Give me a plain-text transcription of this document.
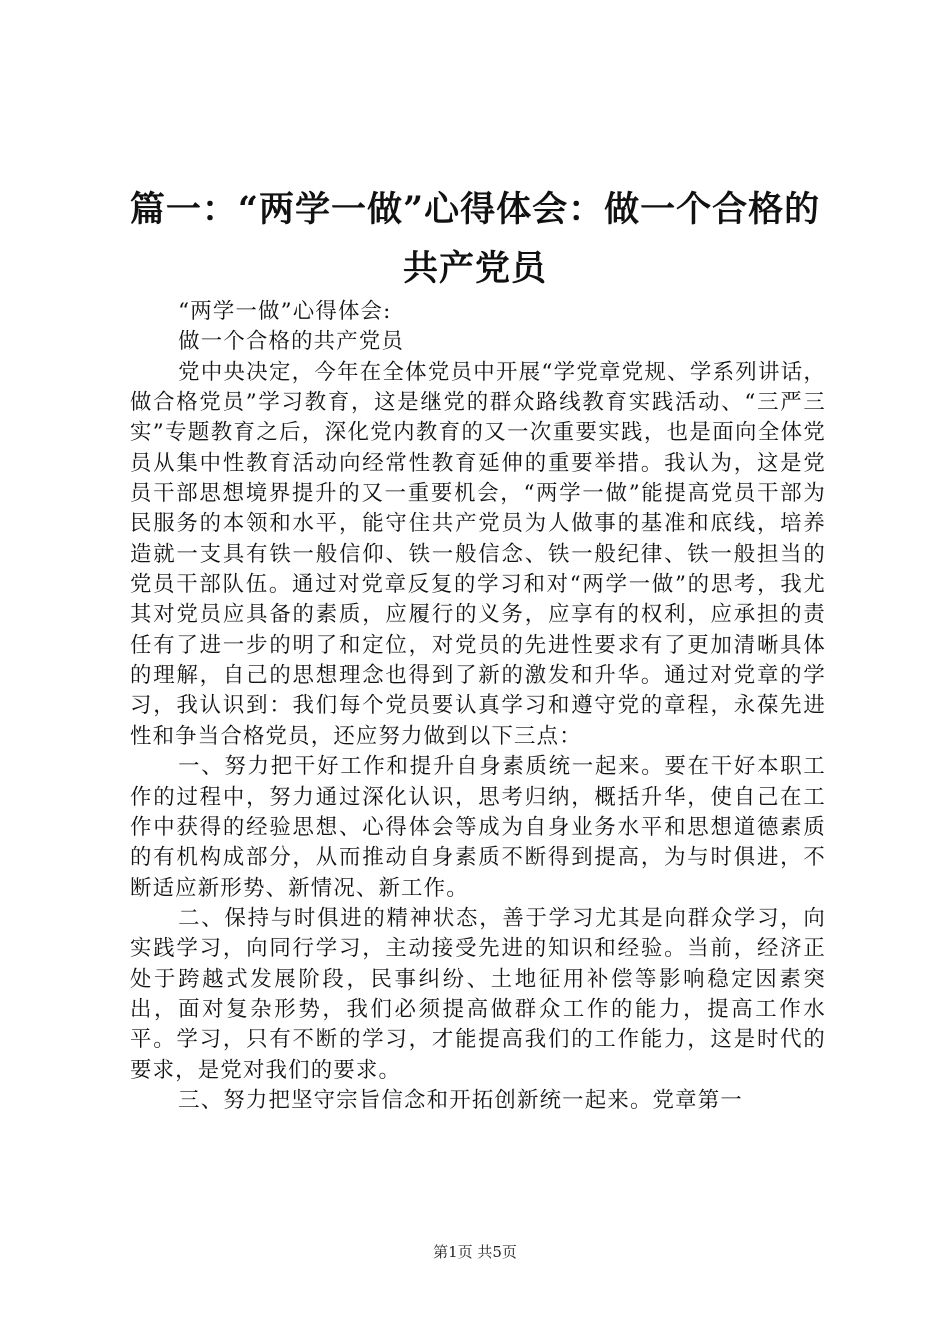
篇一：“两学一做”心得体会：做一个合格的
共产党员

“两学一做”心得体会:

做一个合格的共产党员

党中央决定，今年在全体党员中开展“学党章党规、学系列讲话，做合格党员”学习教育，这是继党的群众路线教育实践活动、“三严三实”专题教育之后，深化党内教育的又一次重要实践，也是面向全体党员从集中性教育活动向经常性教育延伸的重要举措。我认为，这是党员干部思想境界提升的又一重要机会，“两学一做”能提高党员干部为民服务的本领和水平，能守住共产党员为人做事的基准和底线，培养造就一支具有铁一般信仰、铁一般信念、铁一般纪律、铁一般担当的党员干部队伍。通过对党章反复的学习和对“两学一做”的思考，我尤其对党员应具备的素质，应履行的义务，应享有的权利，应承担的责任有了进一步的明了和定位，对党员的先进性要求有了更加清晰具体的理解，自己的思想理念也得到了新的激发和升华。通过对党章的学习，我认识到：我们每个党员要认真学习和遵守党的章程，永葆先进性和争当合格党员，还应努力做到以下三点：

一、努力把干好工作和提升自身素质统一起来。要在干好本职工作的过程中，努力通过深化认识，思考归纳，概括升华，使自己在工作中获得的经验思想、心得体会等成为自身业务水平和思想道德素质的有机构成部分，从而推动自身素质不断得到提高，为与时俱进，不断适应新形势、新情况、新工作。

二、保持与时俱进的精神状态，善于学习尤其是向群众学习，向实践学习，向同行学习，主动接受先进的知识和经验。当前，经济正处于跨越式发展阶段，民事纠纷、土地征用补偿等影响稳定因素突出，面对复杂形势，我们必须提高做群众工作的能力，提高工作水平。学习，只有不断的学习，才能提高我们的工作能力，这是时代的要求，是党对我们的要求。

三、努力把坚守宗旨信念和开拓创新统一起来。党章第一

第1页 共5页
